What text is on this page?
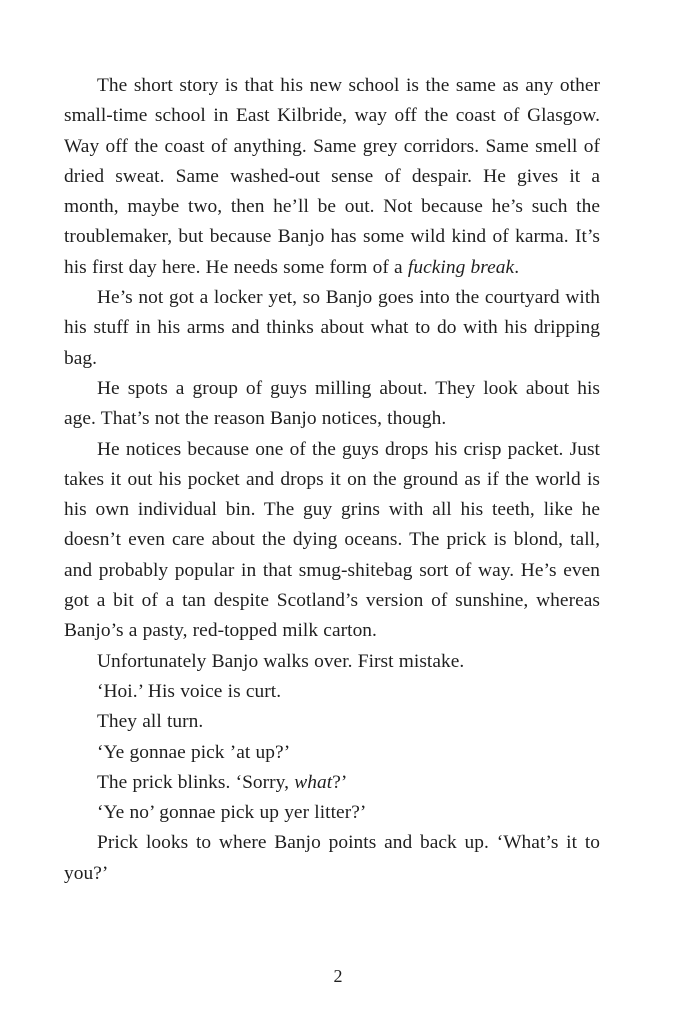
The short story is that his new school is the same as any other small-time school in East Kilbride, way off the coast of Glasgow. Way off the coast of anything. Same grey corridors. Same smell of dried sweat. Same washed-out sense of despair. He gives it a month, maybe two, then he’ll be out. Not because he’s such the troublemaker, but because Banjo has some wild kind of karma. It’s his first day here. He needs some form of a fucking break.

He’s not got a locker yet, so Banjo goes into the courtyard with his stuff in his arms and thinks about what to do with his dripping bag.

He spots a group of guys milling about. They look about his age. That’s not the reason Banjo notices, though.

He notices because one of the guys drops his crisp packet. Just takes it out his pocket and drops it on the ground as if the world is his own individual bin. The guy grins with all his teeth, like he doesn’t even care about the dying oceans. The prick is blond, tall, and probably popular in that smug-shitebag sort of way. He’s even got a bit of a tan despite Scotland’s version of sunshine, whereas Banjo’s a pasty, red-topped milk carton.

Unfortunately Banjo walks over. First mistake.

‘Hoi.’ His voice is curt.

They all turn.

‘Ye gonnae pick ’at up?’

The prick blinks. ‘Sorry, what?’

‘Ye no’ gonnae pick up yer litter?’

Prick looks to where Banjo points and back up. ‘What’s it to you?’

2
